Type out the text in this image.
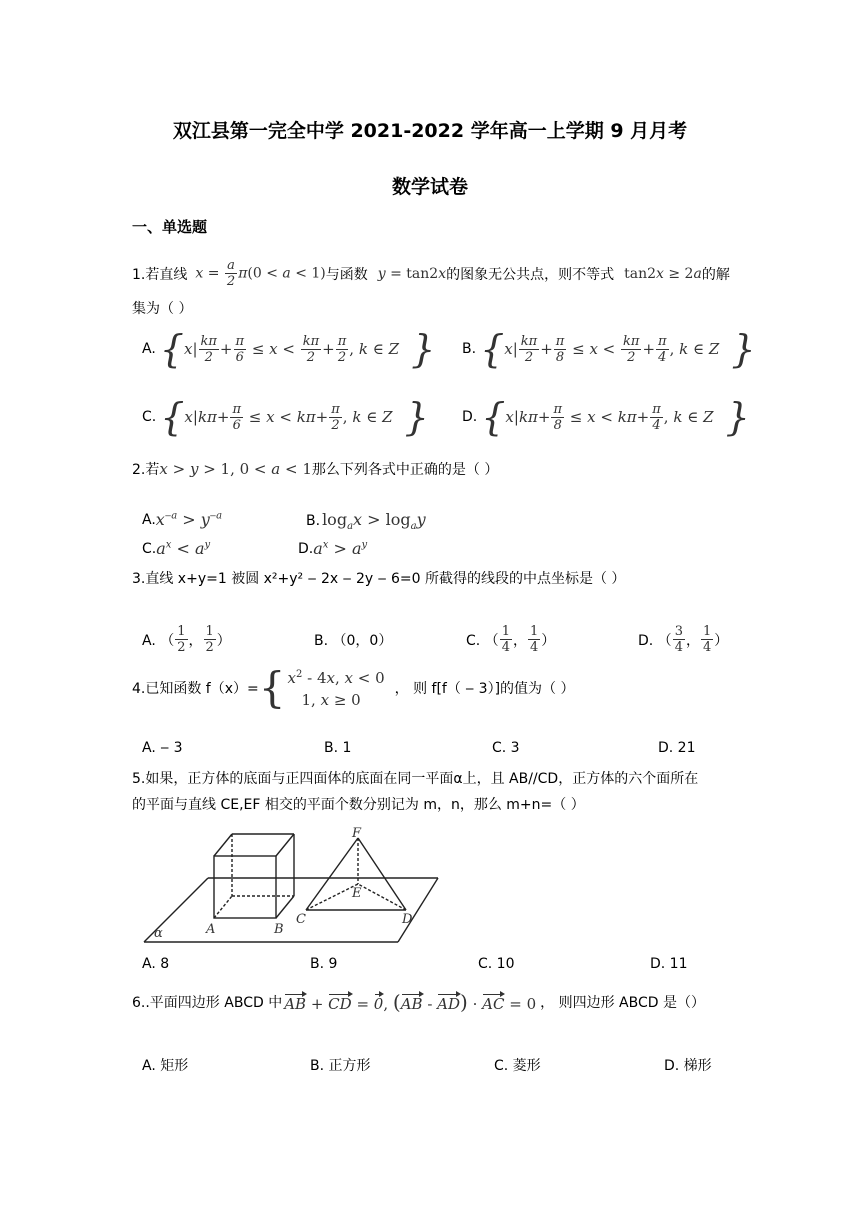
双江县第一完全中学 2021-2022 学年高一上学期 9 月月考
数学试卷
一、单选题
1.若直线 $x = \frac{a}{2} \pi(0 < a < 1)$ 与函数 y = tan2x 的图象无公共点，则不等式 tan2x ≥ 2a 的解
集为（ ）
A. { x | $\frac{k\pi}{2} + \frac{\pi}{6} \le x < \frac{k\pi}{2} + \frac{\pi}{2}$ , k ∈ Z } B. { x | $\frac{k\pi}{2} + \frac{\pi}{8} \le x < \frac{k\pi}{2} + \frac{\pi}{4}$ , k ∈ Z }
C. { x | $k\pi + \frac{\pi}{6} \le x < k\pi + \frac{\pi}{2}$ , k ∈ Z } D. { x | $k\pi + \frac{\pi}{8} \le x < k\pi + \frac{\pi}{4}$ , k ∈ Z }
2.若 x > y > 1, 0 < a < 1 那么下列各式中正确的是（ ）
A. $x^{‒a} > y^{‒a}$	B. $\log_ax > \log_ay$
C. $a^x < a^y$	D. $a^x > a^y$
3.直线 x+y=1 被圆 x²+y² ‒ 2x ‒ 2y ‒ 6=0 所截得的线段的中点坐标是（ ）
A. （ $\frac{1}{2}$ ， $\frac{1}{2}$ ）	B. （0，0）	C. （ $\frac{1}{4}$ ， $\frac{1}{4}$ ）	D. （ $\frac{3}{4}$ ， $\frac{1}{4}$ ）
4.已知函数 f（x）= { $x^2 - 4x$, x < 0
1, x ≥ 0
， 则 f[f（ ‒ 3）]的值为（ ）
A. ‒ 3	B. 1	C. 3	D. 21
5.如果，正方体的底面与正四面体的底面在同一平面α上，且 AB//CD，正方体的六个面所在
的平面与直线 CE,EF 相交的平面个数分别记为 m，n，那么 m+n=（ ）
F
E
C	D
A	B
α
A. 8	B. 9	C. 10	D. 11
6..平面四边形 ABCD 中 AB + CD = 0, (AB - AD) · AC = 0 ， 则四边形 ABCD 是（）
A. 矩形	B. 正方形	C. 菱形	D. 梯形
